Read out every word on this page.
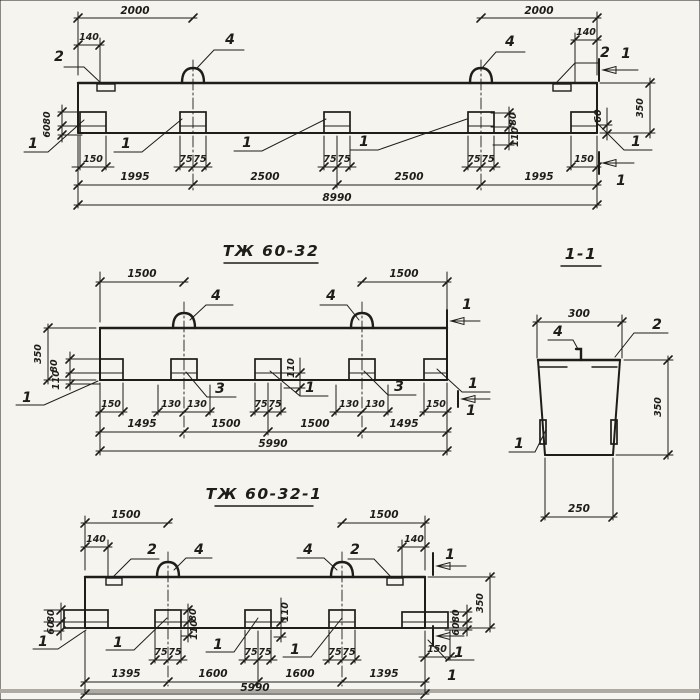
2000	2000
140	140
2	2
4	4
1
1
80
60
350
80
110
60
150	150
75 75	75 75	75 75
1	1	1	1	1
1995	2500	2500	1995
8990
ТЖ 60-32
1500	1500
4	4
1
1
350
80
110
110
1
3	1	3	1
150	150
130 130	75 75	130 130
1495	1500	1500	1495
5990
1-1
300
350
250
4	2
1
ТЖ 60-32-1
1500	1500
140	140
2	2
4	4	1
1
80
60
350
80
60
80
110
110
1	1	1	1	1
150
75 75	75 75	75 75
1395	1600	1600	1395
5990
